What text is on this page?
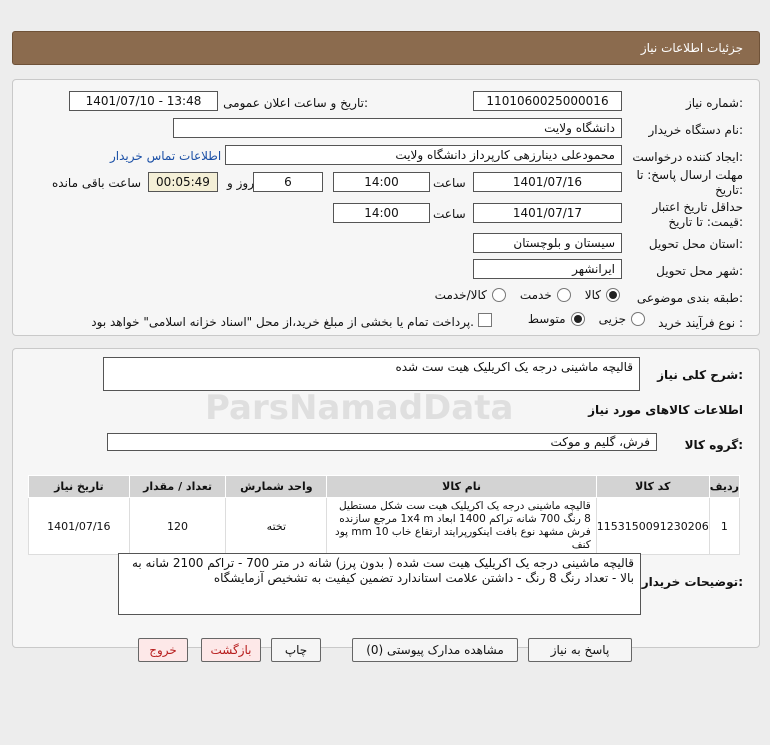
جزئیات اطلاعات نیاز
شماره نیاز:
1101060025000016
تاریخ و ساعت اعلان عمومی:
1401/07/10 - 13:48
نام دستگاه خریدار:
دانشگاه ولایت
ایجاد کننده درخواست:
محمودعلی دینارزهی کارپرداز دانشگاه ولایت
اطلاعات تماس خریدار
مهلت ارسال پاسخ: تا
تاریخ:
1401/07/16
ساعت
14:00
6
روز و
00:05:49
ساعت باقی مانده
حداقل تاریخ اعتبار
قیمت: تا تاریخ:
1401/07/17
ساعت
14:00
استان محل تحویل:
سیستان و بلوچستان
شهر محل تحویل:
ایرانشهر
طبقه بندی موضوعی:
کالا
خدمت
کالا/خدمت
نوع فرآیند خرید :
جزیی
متوسط
پرداخت تمام یا بخشی از مبلغ خرید،از محل "اسناد خزانه اسلامی" خواهد بود.
شرح کلی نیاز:
قالیچه ماشینی درجه یک اکریلیک هیت ست شده
اطلاعات کالاهای مورد نیاز
گروه کالا:
فرش، گلیم و موکت
ردیف	کد کالا	نام کالا	واحد شمارش	تعداد / مقدار	تاریخ نیاز
1	1153150091230206	قالیچه ماشینی درجه یک اکریلیک هیت ست شکل مستطیل 8 رنگ 700 شانه تراکم 1400 ابعاد 1x4 m مرجع سازنده فرش مشهد نوع بافت اینکورپرایتد ارتفاع خاب 10 mm پود کنف	تخته	120	1401/07/16
توضیحات خریدار:
قالیچه ماشینی درجه یک اکریلیک هیت ست شده ( بدون پرز) شانه در متر 700 - تراکم 2100 شانه به بالا - تعداد رنگ 8 رنگ - داشتن علامت استاندارد تضمین کیفیت به تشخیص آزمایشگاه
پاسخ به نیاز
مشاهده مدارک پیوستی (0)
چاپ
بازگشت
خروج
